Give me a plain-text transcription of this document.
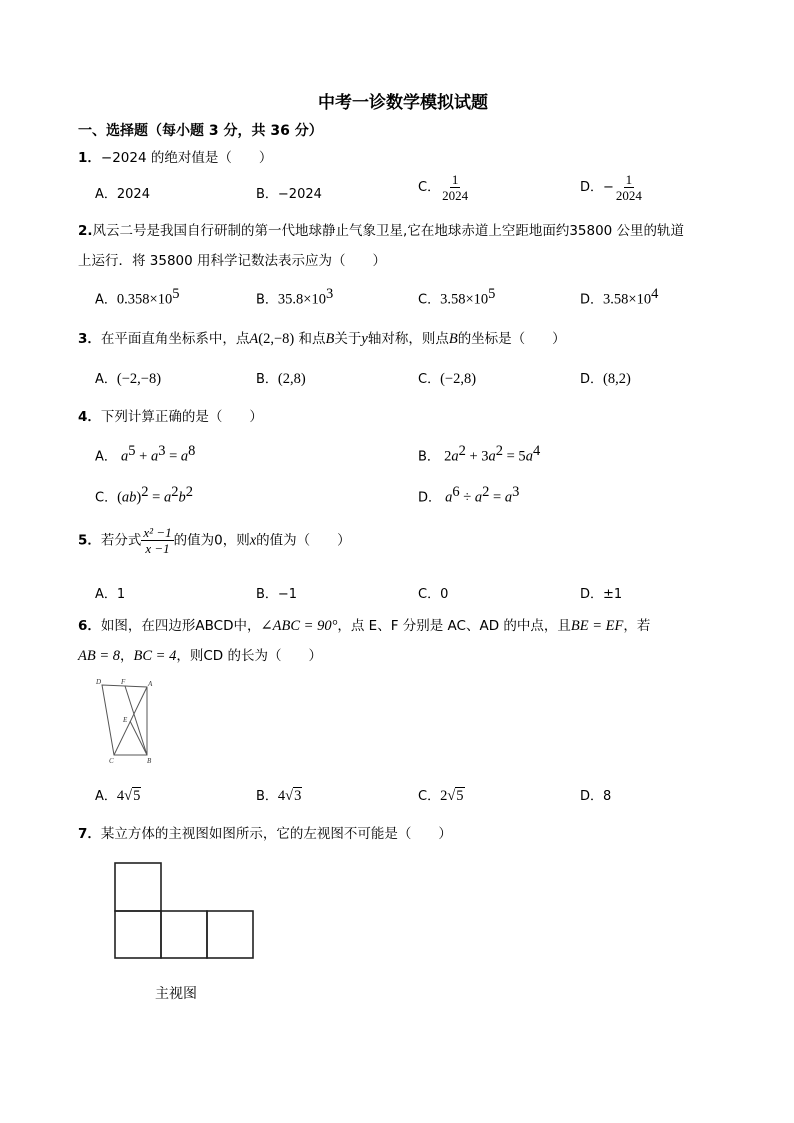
中考一诊数学模拟试题
一、选择题（每小题 3 分，共 36 分）
1．−2024 的绝对值是（　　）
A．2024	B．−2024	C． $\frac{1}{2024}$	D．− $\frac{1}{2024}$
2.风云二号是我国自行研制的第一代地球静止气象卫星,它在地球赤道上空距地面约35800 公里的轨道
上运行．将 35800 用科学记数法表示应为（　　）
A．$0.358\times 10^5$	B．$35.8\times 10^3$	C．$3.58\times 10^5$	D．$3.58\times 10^4$
3．在平面直角坐标系中，点A(2,−8) 和点B关于y轴对称，则点B的坐标是（　　）
A．(−2,−8)	B．(2,8)	C．(−2,8)	D．(8,2)
4．下列计算正确的是（　　）
A． $a^5 + a^3 = a^8$	B． $2a^2 + 3a^2 = 5a^4$
C．$(ab)^2 = a^2b^2$	D． $a^6 \div a^2 = a^3$
5．若分式 $\frac{\text{x² −1}}{x -1}$ 的值为0，则x的值为（　　）
A．1	B．−1	C．0	D．±1
6．如图，在四边形ABCD中，∠ABC = 90°，点 E、F 分别是 AC、AD 的中点，且BE = EF，若
AB = 8，BC = 4，则CD 的长为（　　）
D	F	A
E
C	B
A．4√5	B．4√3	C．2√5	D．8
7．某立方体的主视图如图所示，它的左视图不可能是（　　）
主视图
